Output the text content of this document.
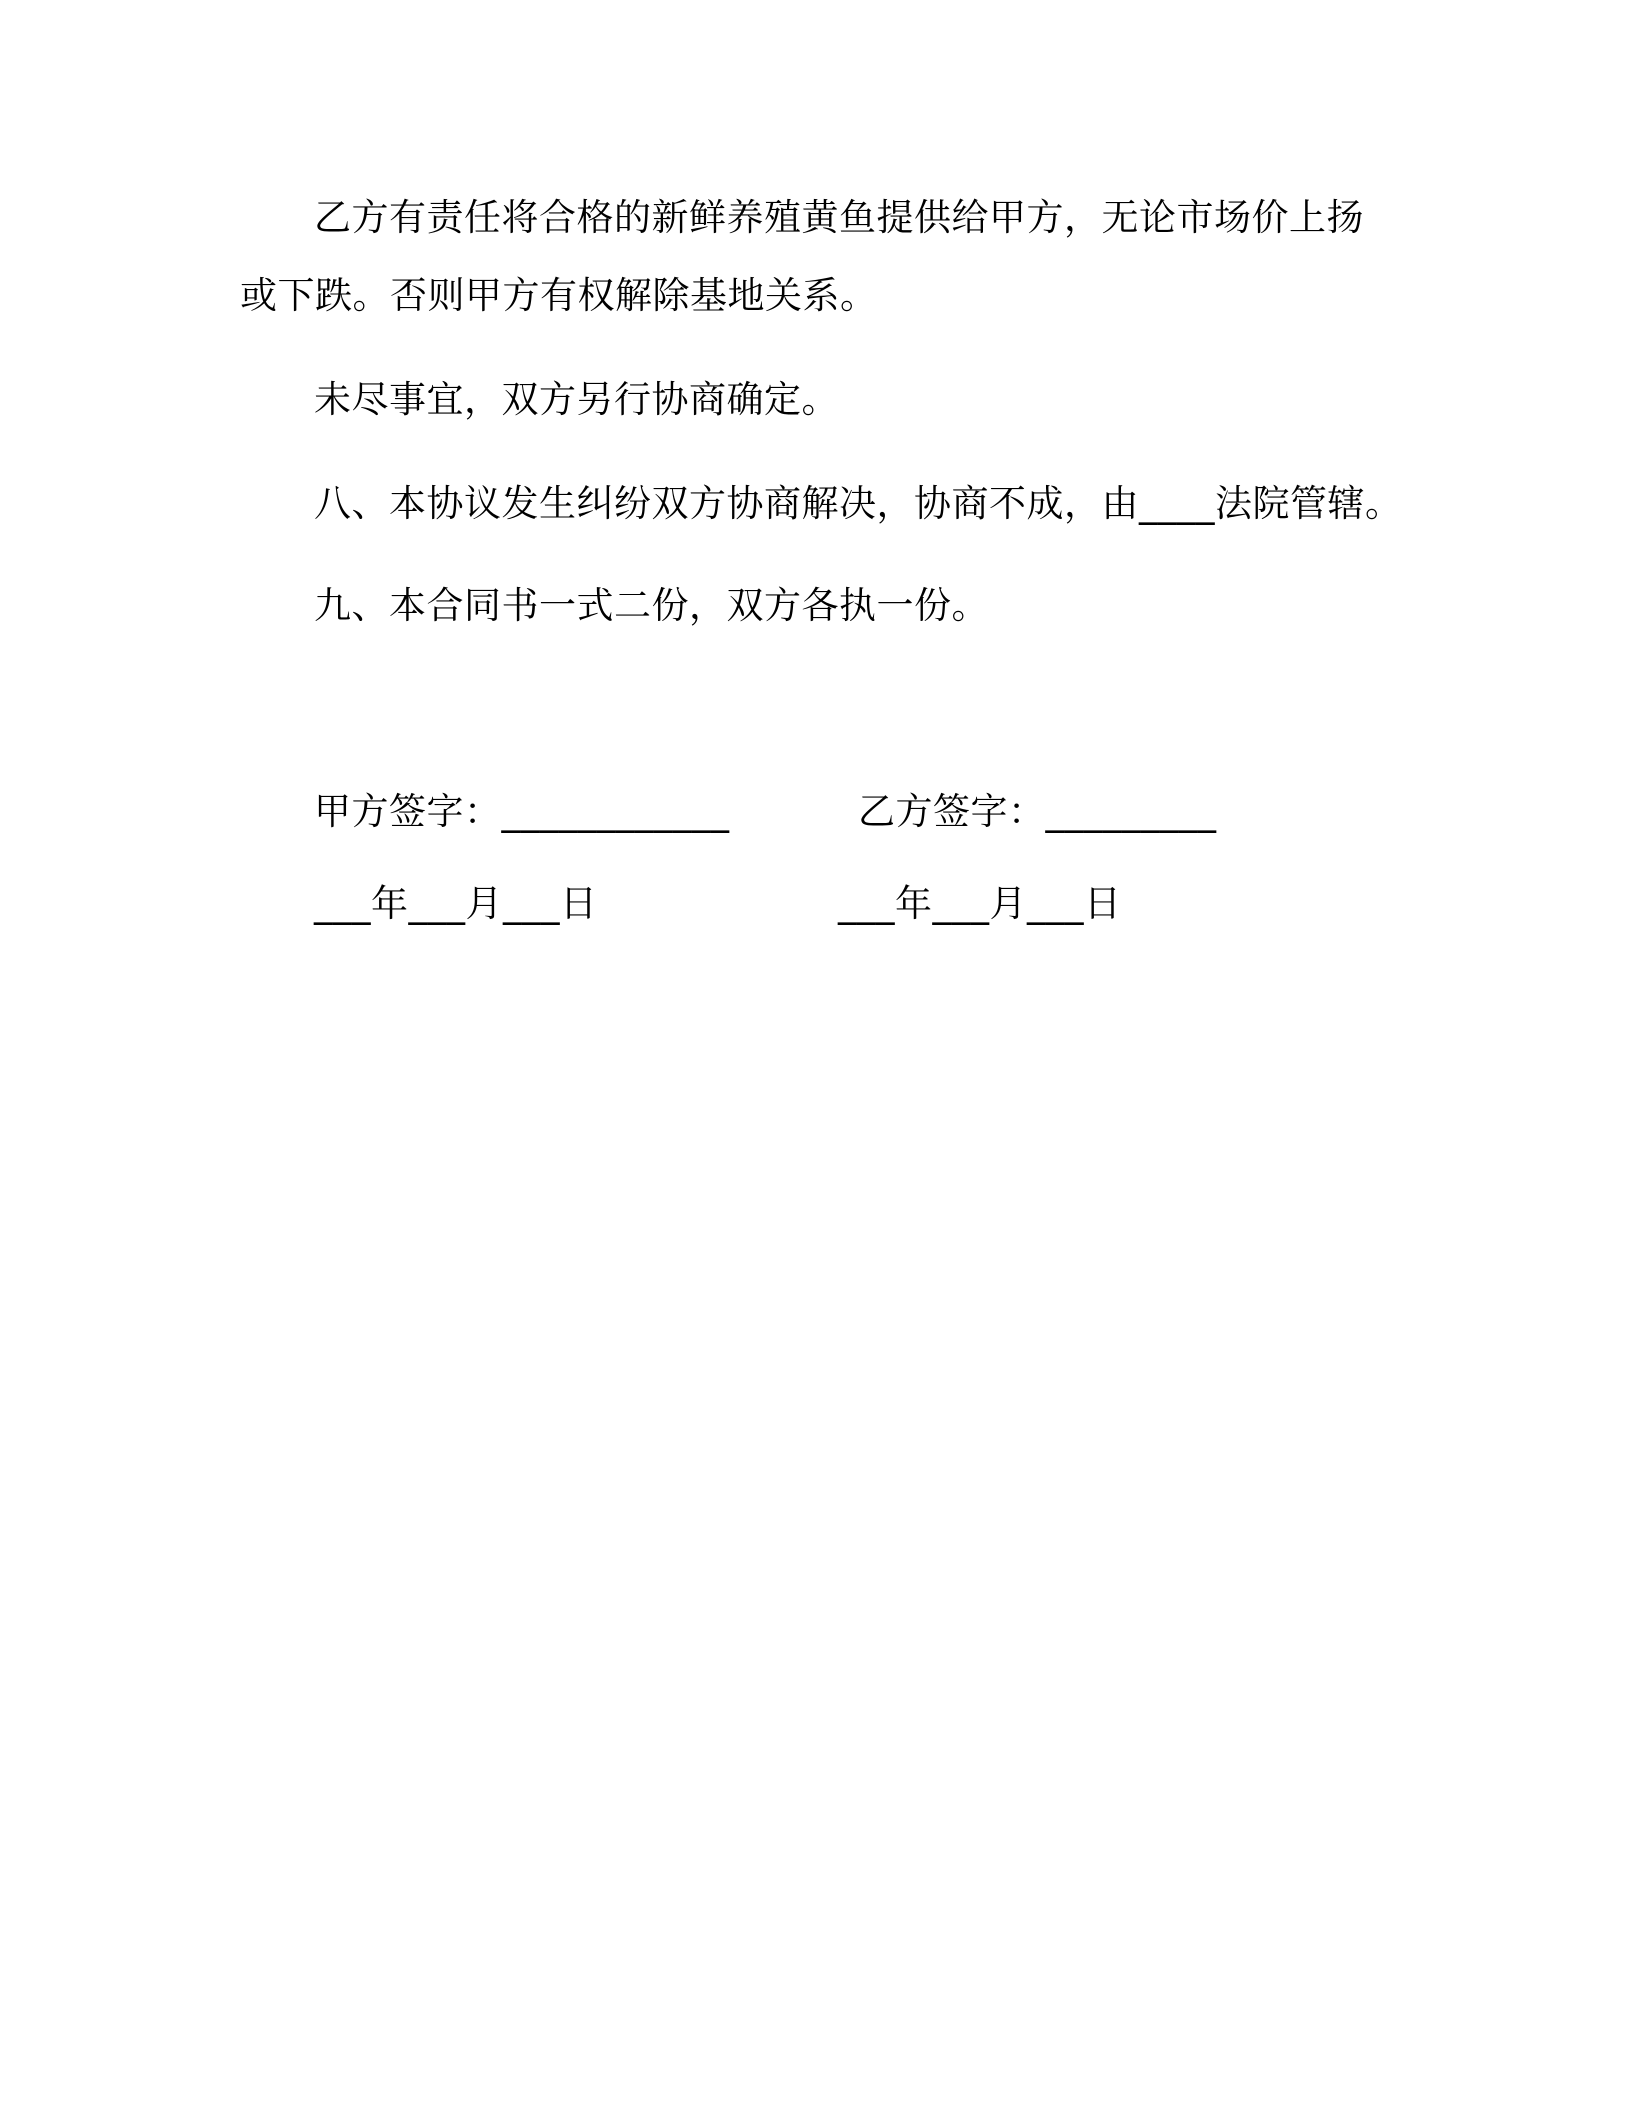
乙方有责任将合格的新鲜养殖黄鱼提供给甲方，无论市场价上扬
或下跌。否则甲方有权解除基地关系。
未尽事宜，双方另行协商确定。
八、本协议发生纠纷双方协商解决，协商不成，由____法院管辖。
九、本合同书一式二份，双方各执一份。
甲方签字：____________	乙方签字：_________
___年___月___日	___年___月___日
